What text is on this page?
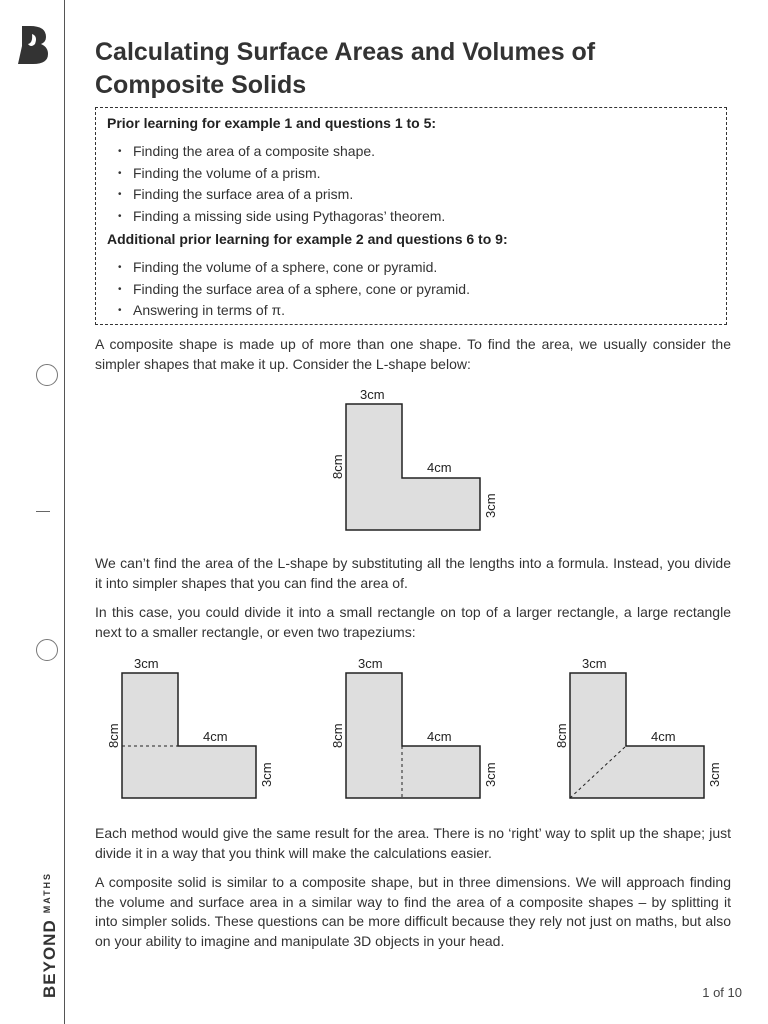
$BEYOND^{MATHS}$
Calculating Surface Areas and Volumes of Composite Solids
Prior learning for example 1 and questions 1 to 5:
• Finding the area of a composite shape.
• Finding the volume of a prism.
• Finding the surface area of a prism.
• Finding a missing side using Pythagoras’ theorem.
Additional prior learning for example 2 and questions 6 to 9:
• Finding the volume of a sphere, cone or pyramid.
• Finding the surface area of a sphere, cone or pyramid.
• Answering in terms of π.

A composite shape is made up of more than one shape. To find the area, we usually consider the simpler shapes that make it up. Consider the L-shape below:

3cm
8cm	4cm
3cm

We can’t find the area of the L-shape by substituting all the lengths into a formula. Instead, you divide it into simpler shapes that you can find the area of.

In this case, you could divide it into a small rectangle on top of a larger rectangle, a large rectangle next to a smaller rectangle, or even two trapeziums:

3cm
8cm	4cm
3cm
3cm
8cm	4cm
3cm
3cm
8cm	4cm
3cm

Each method would give the same result for the area. There is no ‘right’ way to split up the shape; just divide it in a way that you think will make the calculations easier.

A composite solid is similar to a composite shape, but in three dimensions. We will approach finding the volume and surface area in a similar way to find the area of a composite shapes – by splitting it into simpler solids. These questions can be more difficult because they rely not just on maths, but also on your ability to imagine and manipulate 3D objects in your head.

1 of 10
